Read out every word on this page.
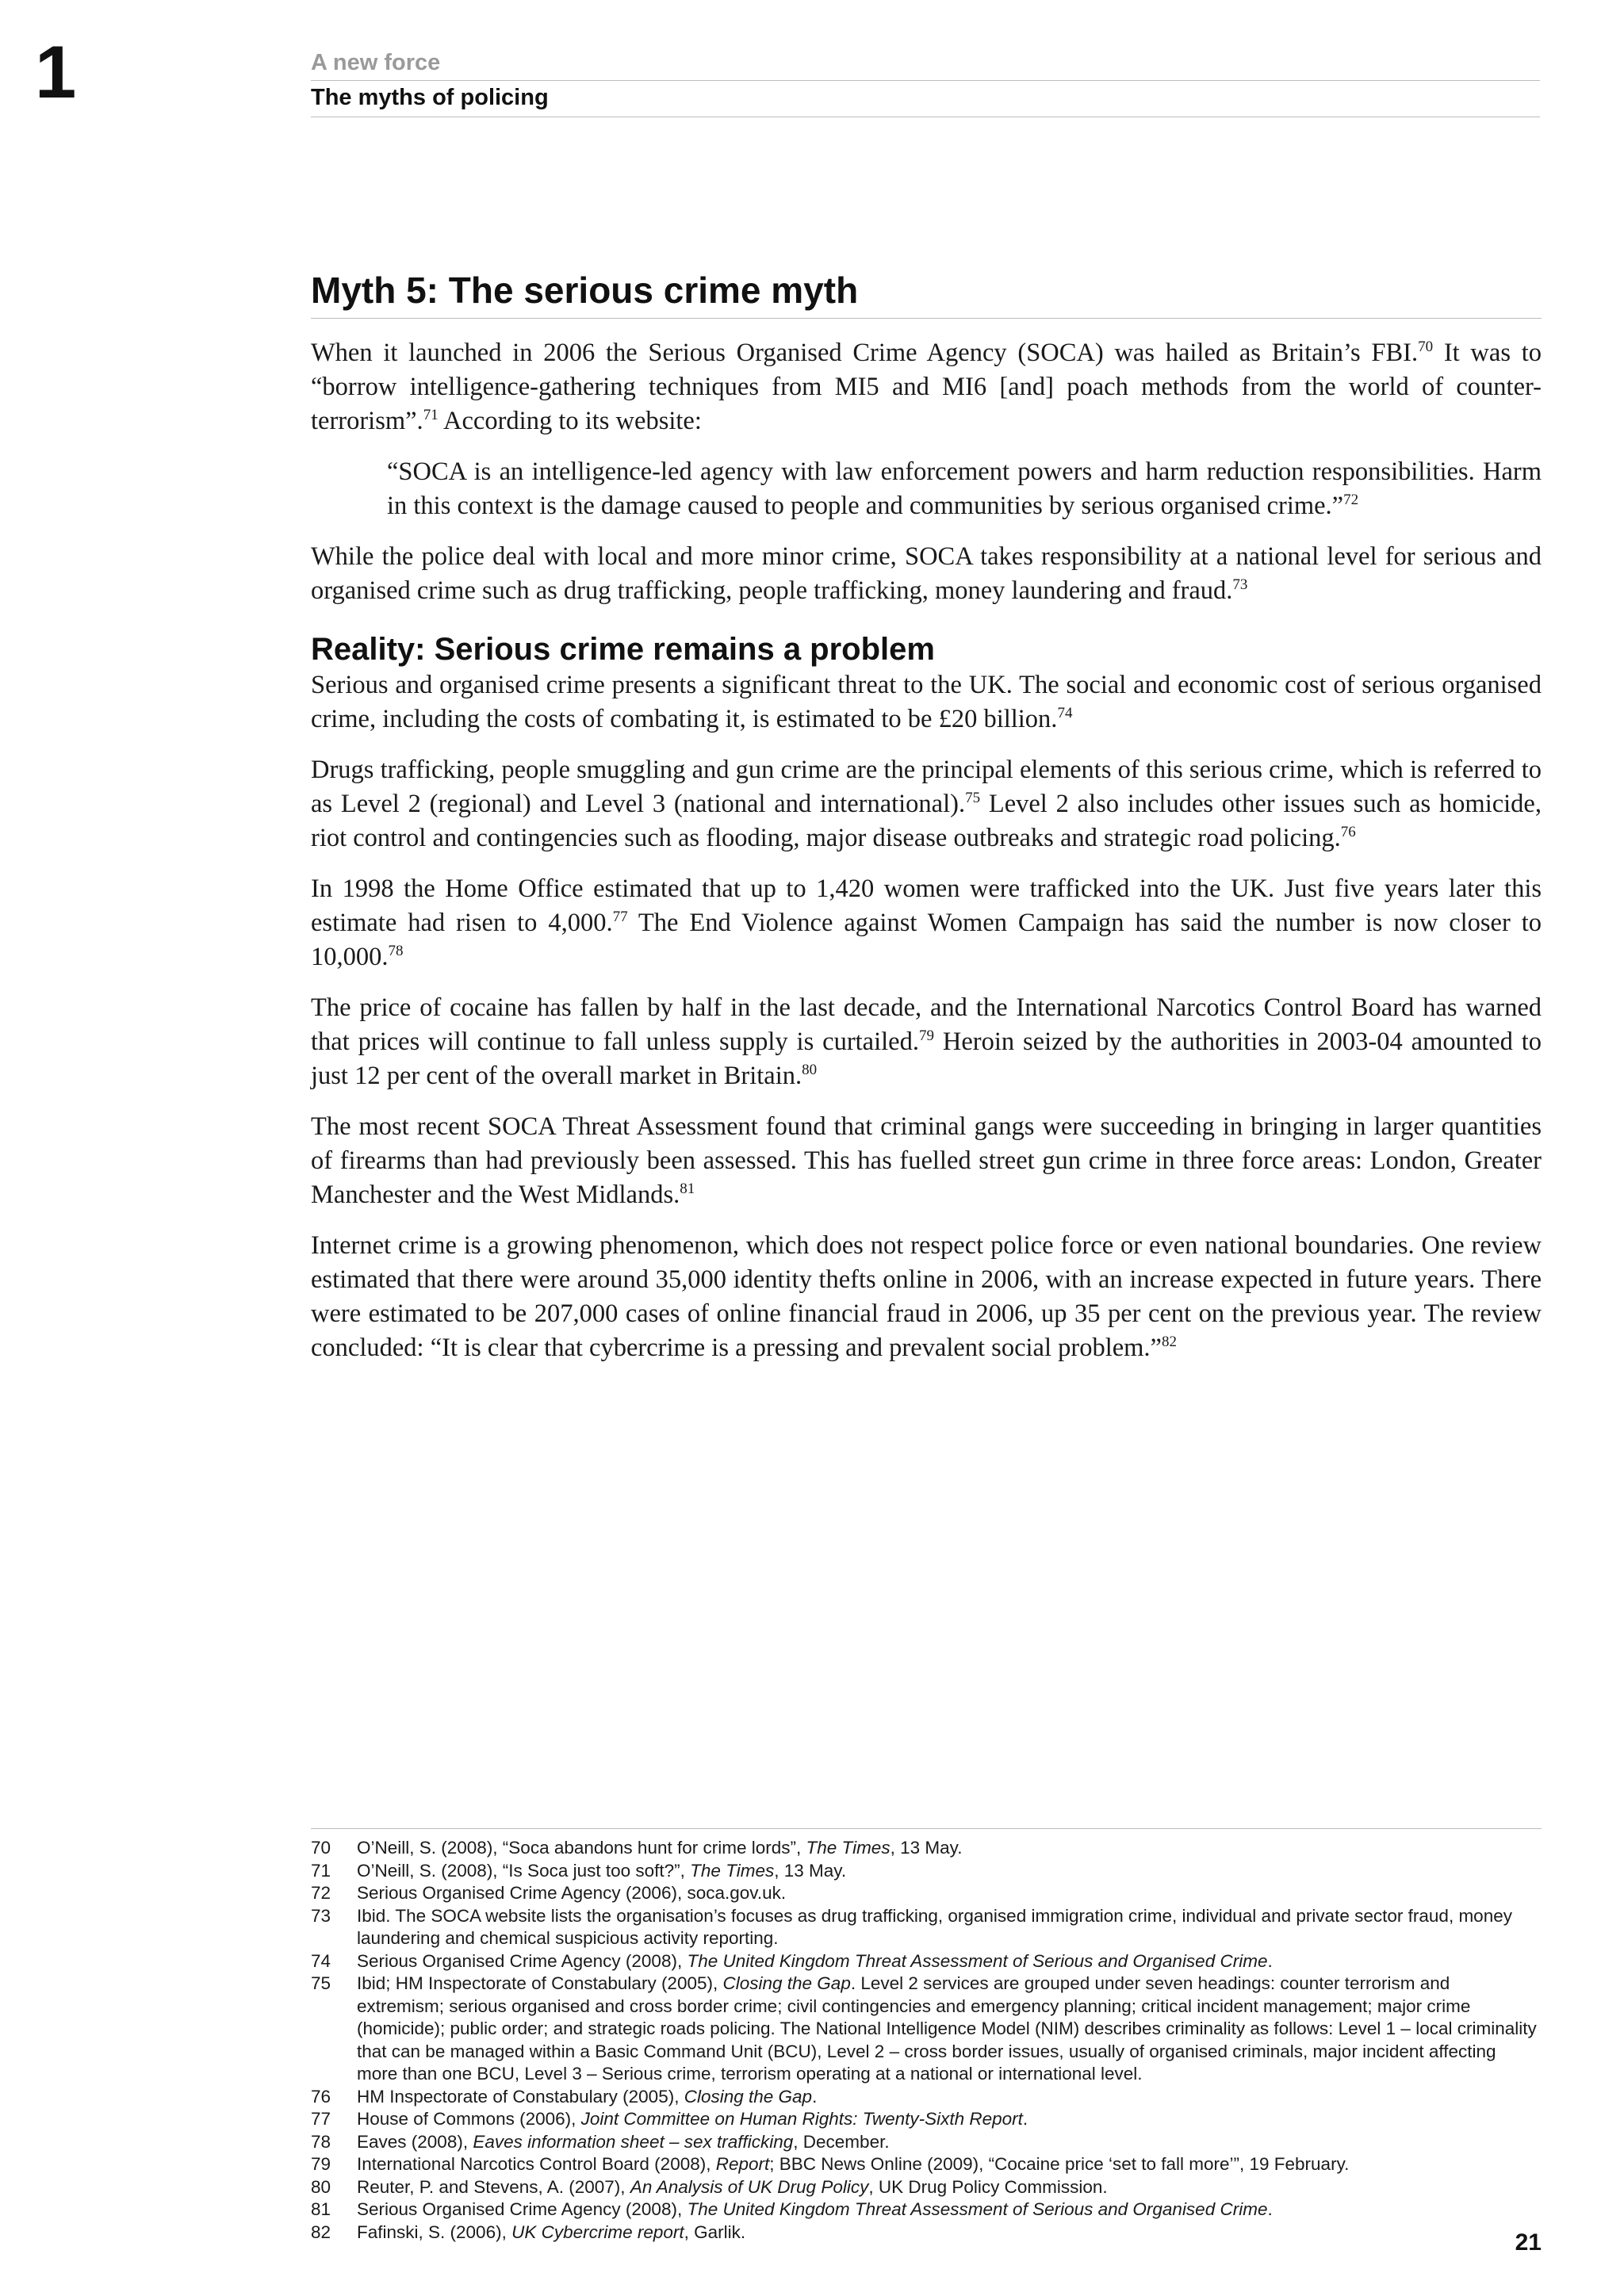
1	A new force
The myths of policing
Myth 5: The serious crime myth

When it launched in 2006 the Serious Organised Crime Agency (SOCA) was hailed as Britain’s FBI.$^{70}$ It was to “borrow intelligence-gathering techniques from MI5 and MI6 [and] poach methods from the world of counter-terrorism”.$^{71}$ According to its website:

“SOCA is an intelligence-led agency with law enforcement powers and harm reduction responsibilities. Harm in this context is the damage caused to people and communities by serious organised crime.”$^{72}$

While the police deal with local and more minor crime, SOCA takes responsibility at a national level for serious and organised crime such as drug trafficking, people trafficking, money laundering and fraud.$^{73}$

Reality: Serious crime remains a problem

Serious and organised crime presents a significant threat to the UK. The social and economic cost of serious organised crime, including the costs of combating it, is estimated to be £20 billion.$^{74}$

Drugs trafficking, people smuggling and gun crime are the principal elements of this serious crime, which is referred to as Level 2 (regional) and Level 3 (national and international).$^{75}$ Level 2 also includes other issues such as homicide, riot control and contingencies such as flooding, major disease outbreaks and strategic road policing.$^{76}$

In 1998 the Home Office estimated that up to 1,420 women were trafficked into the UK. Just five years later this estimate had risen to 4,000.77 The End Violence against Women Campaign has said the number is now closer to 10,000.78

The price of cocaine has fallen by half in the last decade, and the International Narcotics Control Board has warned that prices will continue to fall unless supply is curtailed.$^{79}$ Heroin seized by the authorities in 2003-04 amounted to just 12 per cent of the overall market in Britain.$^{80}$

The most recent SOCA Threat Assessment found that criminal gangs were succeeding in bringing in larger quantities of firearms than had previously been assessed. This has fuelled street gun crime in three force areas: London, Greater Manchester and the West Midlands.$^{81}$

Internet crime is a growing phenomenon, which does not respect police force or even national boundaries. One review estimated that there were around 35,000 identity thefts online in 2006, with an increase expected in future years. There were estimated to be 207,000 cases of online financial fraud in 2006, up 35 per cent on the previous year. The review concluded: “It is clear that cybercrime is a pressing and prevalent social problem.”$^{82}$

70	O’Neill, S. (2008), “Soca abandons hunt for crime lords”, The Times, 13 May.
71	O’Neill, S. (2008), “Is Soca just too soft?”, The Times, 13 May.
72	Serious Organised Crime Agency (2006), soca.gov.uk.
73	Ibid. The SOCA website lists the organisation’s focuses as drug trafficking, organised immigration crime, individual and private sector fraud, money laundering and chemical suspicious activity reporting.
74	Serious Organised Crime Agency (2008), The United Kingdom Threat Assessment of Serious and Organised Crime.
75	Ibid; HM Inspectorate of Constabulary (2005), Closing the Gap. Level 2 services are grouped under seven headings: counter terrorism and extremism; serious organised and cross border crime; civil contingencies and emergency planning; critical incident management; major crime (homicide); public order; and strategic roads policing. The National Intelligence Model (NIM) describes criminality as follows: Level 1 – local criminality that can be managed within a Basic Command Unit (BCU), Level 2 – cross border issues, usually of organised criminals, major incident affecting more than one BCU, Level 3 – Serious crime, terrorism operating at a national or international level.
76	HM Inspectorate of Constabulary (2005), Closing the Gap.
77	House of Commons (2006), Joint Committee on Human Rights: Twenty-Sixth Report.
78	Eaves (2008), Eaves information sheet – sex trafficking, December.
79	International Narcotics Control Board (2008), Report; BBC News Online (2009), “Cocaine price ‘set to fall more’”, 19 February.
80	Reuter, P. and Stevens, A. (2007), An Analysis of UK Drug Policy, UK Drug Policy Commission.
81	Serious Organised Crime Agency (2008), The United Kingdom Threat Assessment of Serious and Organised Crime.
82	Fafinski, S. (2006), UK Cybercrime report, Garlik.	21
